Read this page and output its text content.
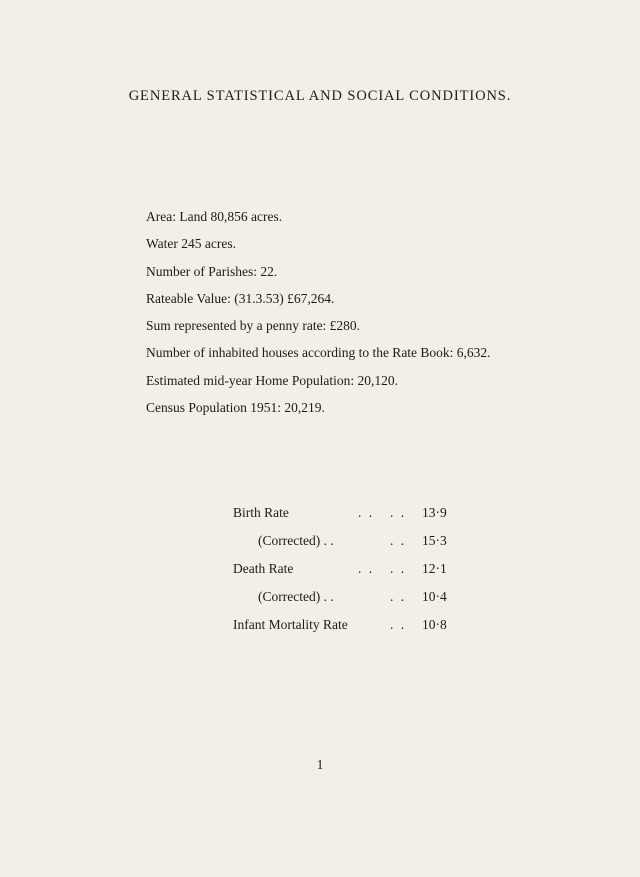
GENERAL STATISTICAL AND SOCIAL CONDITIONS.
Area: Land 80,856 acres.
Water 245 acres.
Number of Parishes: 22.
Rateable Value: (31.3.53) £67,264.
Sum represented by a penny rate: £280.
Number of inhabited houses according to the Rate Book: 6,632.
Estimated mid-year Home Population: 20,120.
Census Population 1951: 20,219.
Birth Rate	. .	. .	13·9
(Corrected) . .		. .	15·3
Death Rate	. .	. .	12·1
(Corrected) . .		. .	10·4
Infant Mortality Rate		. .	10·8
1
